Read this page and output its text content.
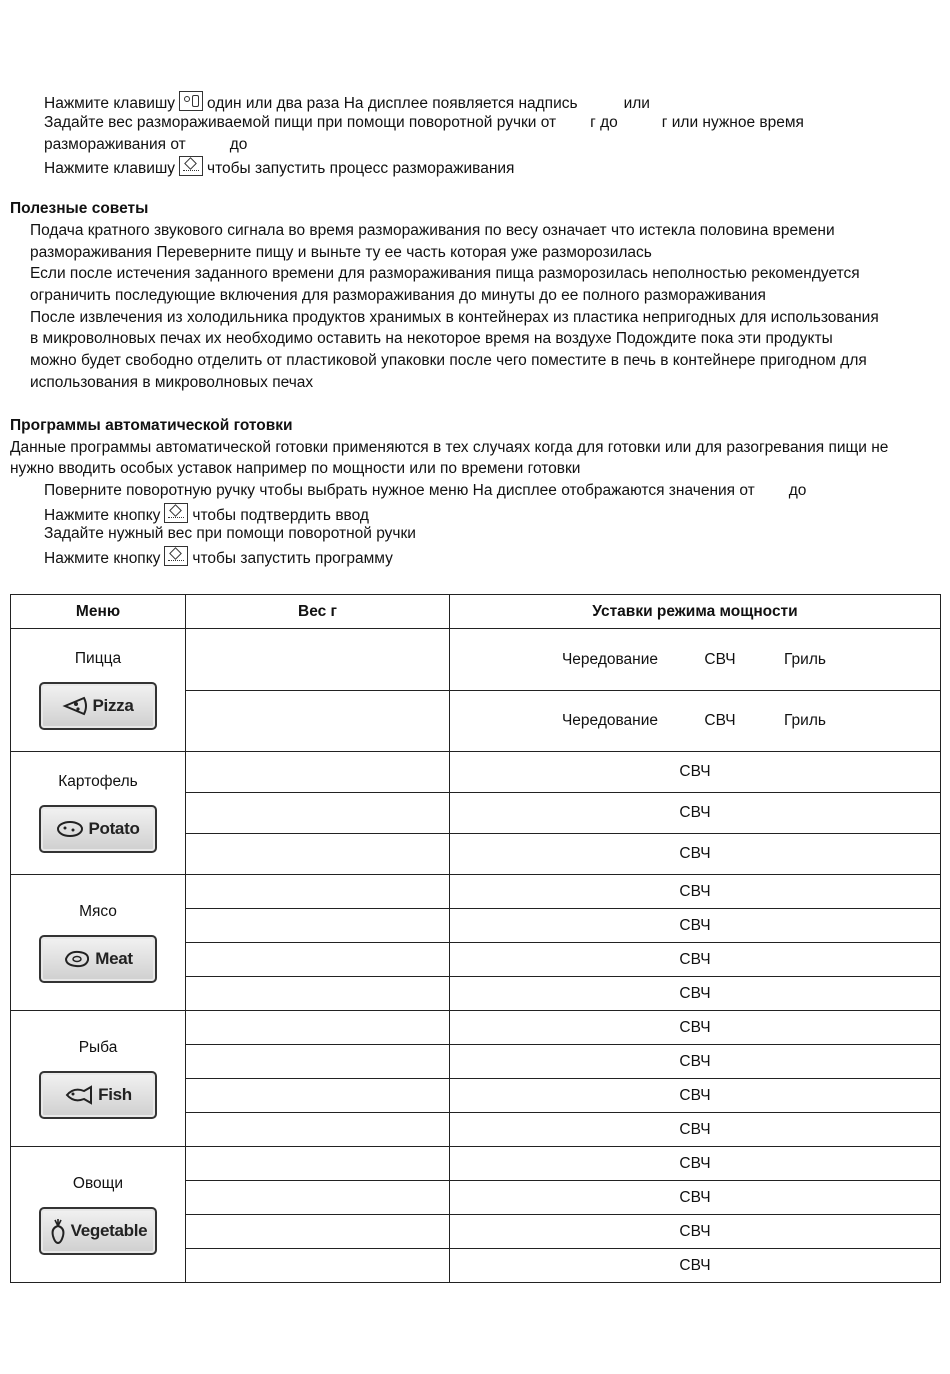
Нажмите клавишу один или два раза На дисплее появляется надпись	или
Задайте вес размораживаемой пищи при помощи поворотной ручки от г до	г или нужное время
размораживания от	до
Нажмите клавишу чтобы запустить процесс размораживания
Полезные советы
Подача кратного звукового сигнала во время размораживания по весу означает что истекла половина времени
размораживания Переверните пищу и выньте ту ее часть которая уже разморозилась
Если после истечения заданного времени для размораживания пища разморозилась неполностью рекомендуется
ограничить последующие включения для размораживания до минуты до ее полного размораживания
После извлечения из холодильника продуктов хранимых в контейнерах из пластика непригодных для использования
в микроволновых печах их необходимо оставить на некоторое время на воздухе Подождите пока эти продукты
можно будет свободно отделить от пластиковой упаковки после чего поместите в печь в контейнере пригодном для
использования в микроволновых печах
Программы автоматической готовки
Данные программы автоматической готовки применяются в тех случаях когда для готовки или для разогревания пищи не
нужно вводить особых уставок например по мощности или по времени готовки
Поверните поворотную ручку чтобы выбрать нужное меню На дисплее отображаются значения от до
Нажмите кнопку чтобы подтвердить ввод
Задайте нужный вес при помощи поворотной ручки
Нажмите кнопку чтобы запустить программу
Меню	Вес г	Уставки режима мощности

Пицца
Pizza		Чередование СВЧ Гриль

		Чередование СВЧ Гриль

Картофель
Potato		СВЧ
		СВЧ
		СВЧ

Мясо
Meat		СВЧ
		СВЧ
		СВЧ
		СВЧ

Рыба
Fish		СВЧ
		СВЧ
		СВЧ
		СВЧ

Овощи
Vegetable		СВЧ
		СВЧ
		СВЧ
		СВЧ
